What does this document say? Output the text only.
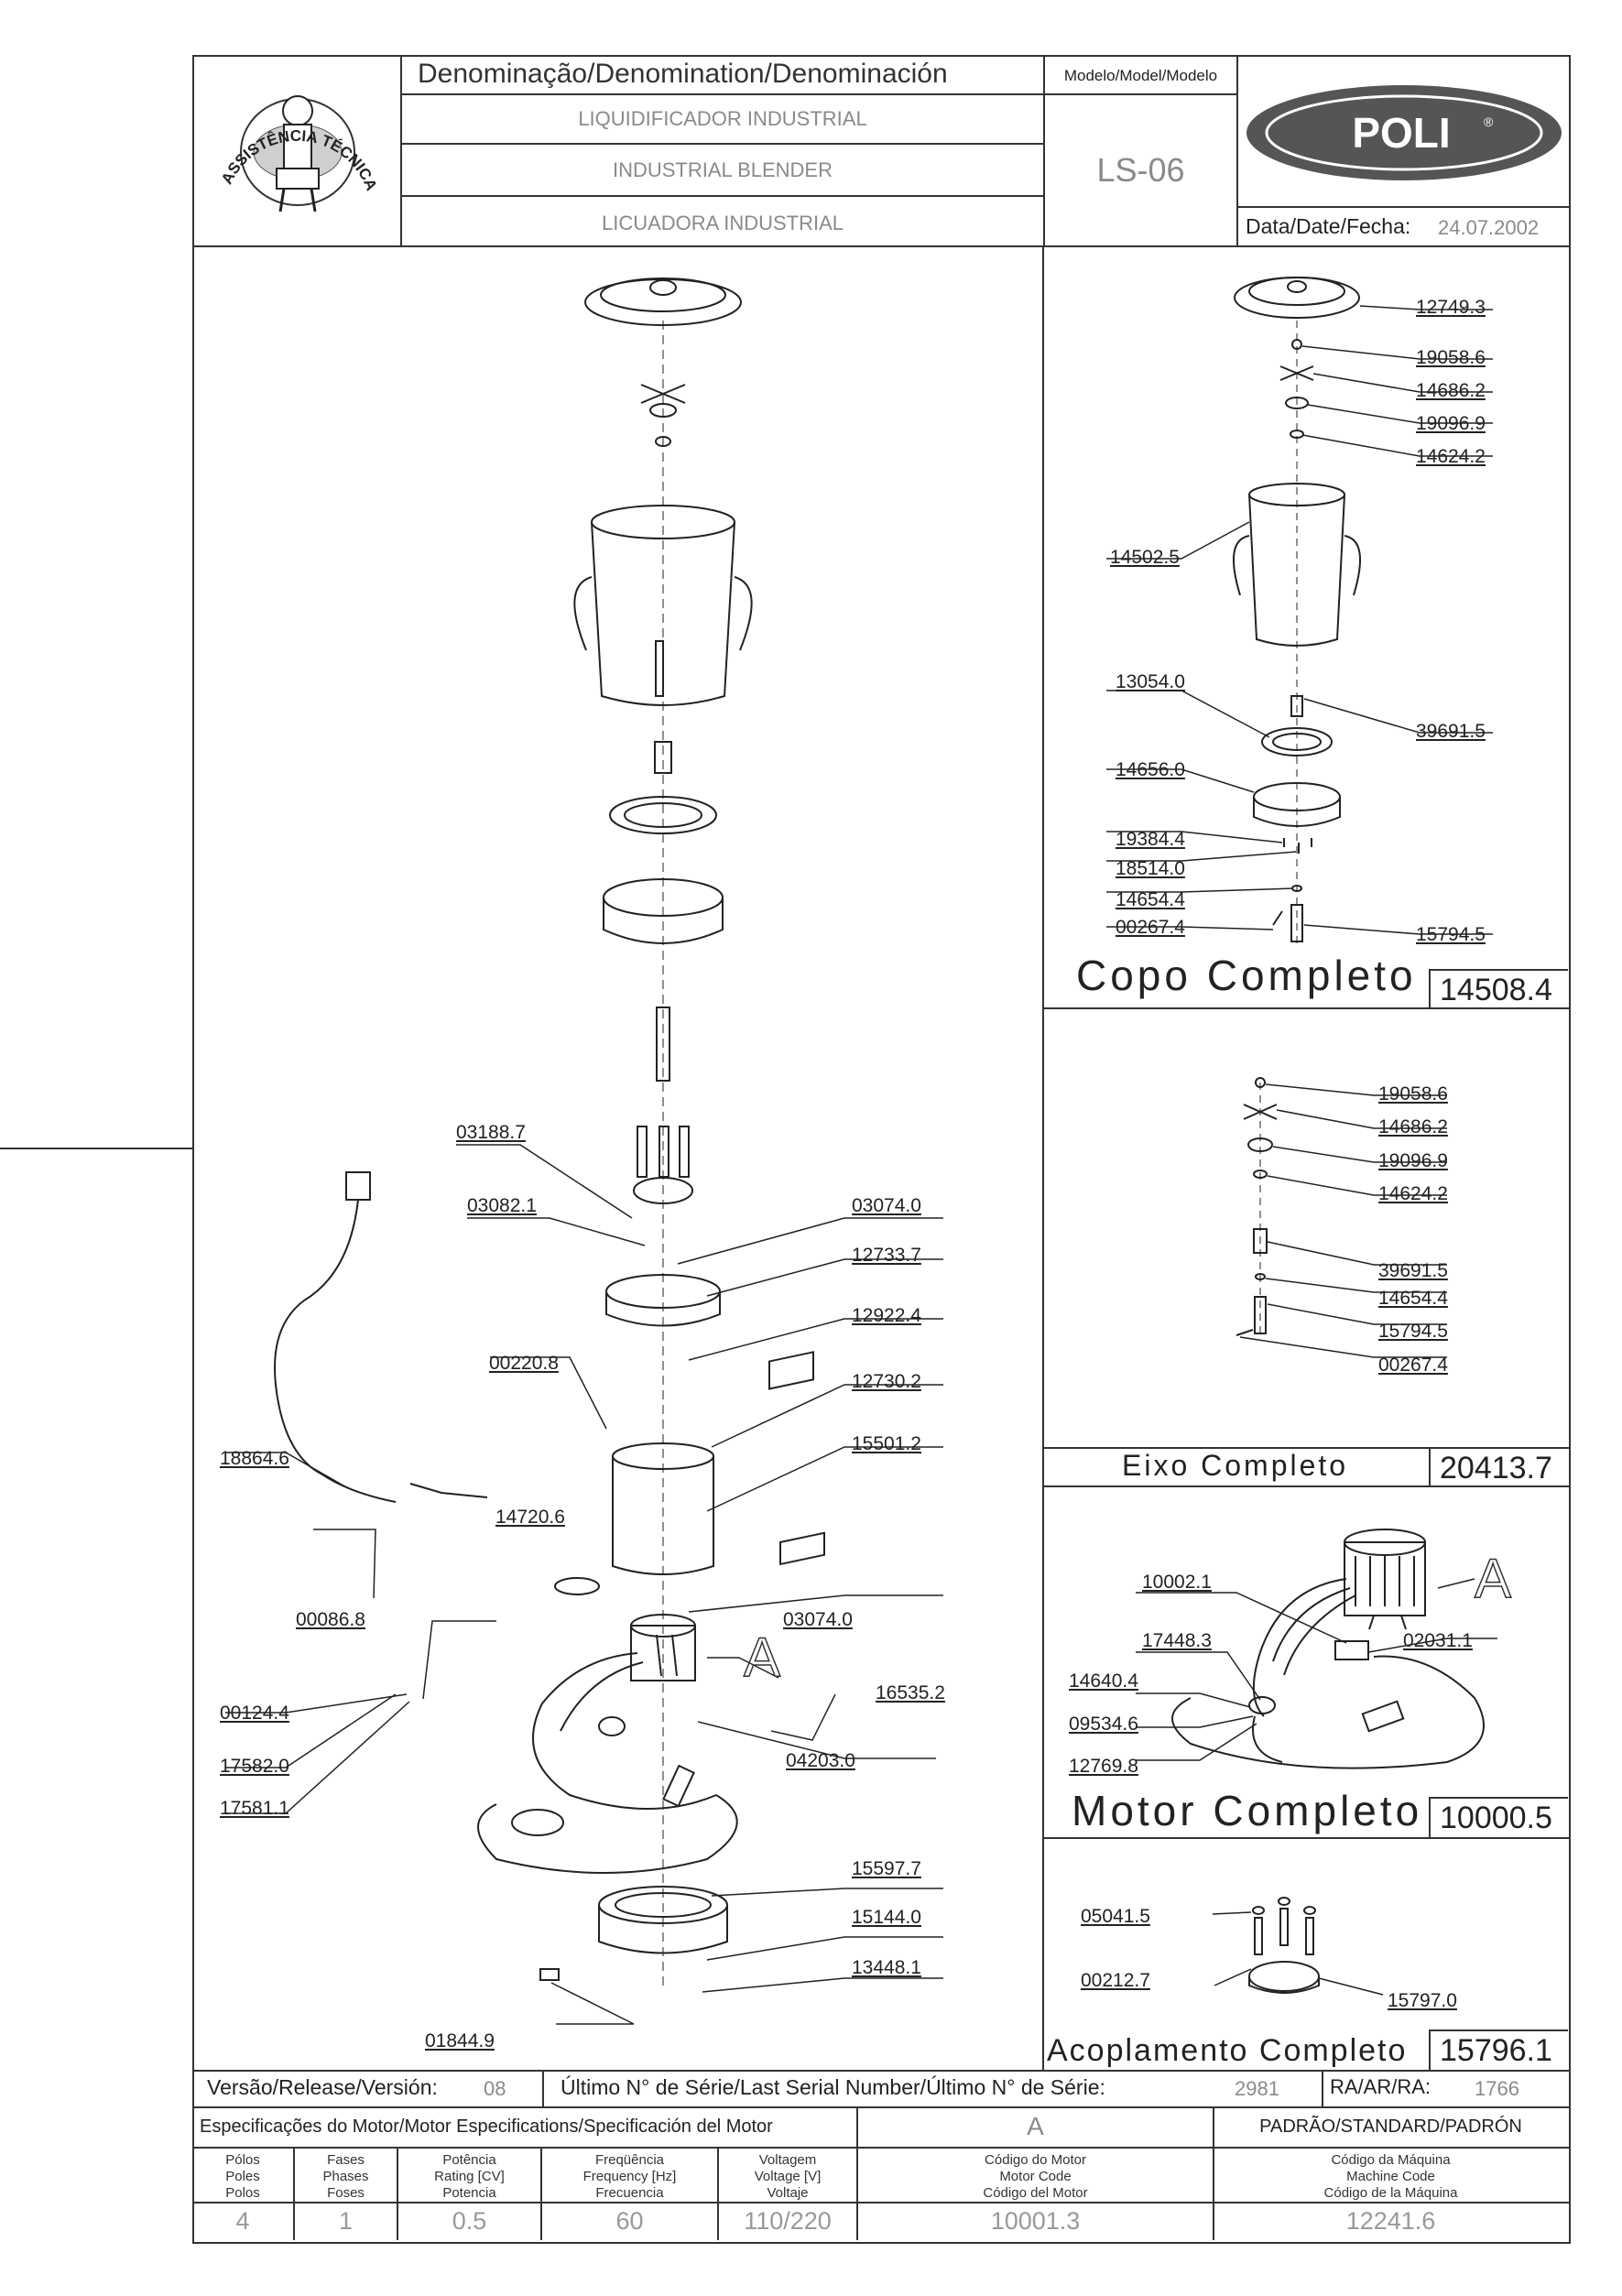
ASSISTÊNCIA TÉCNICA
Denominação/Denomination/Denominación
LIQUIDIFICADOR INDUSTRIAL
INDUSTRIAL BLENDER
LICUADORA INDUSTRIAL
Modelo/Model/Modelo
LS-06
POLI	®
Data/Date/Fecha: 24.07.2002
A
03188.7
03082.1	03074.0
12733.7
12922.4
00220.8
12730.2
18864.6
15501.2
14720.6
03074.0
00086.8
16535.2
00124.4
17582.0	04203.0
17581.1
15597.7
15144.0
13448.1
01844.9
12749.3
19058.6
14686.2
19096.9
14624.2
14502.5
13054.0
39691.5
14656.0
19384.4
18514.0
14654.4
00267.4	15794.5
Copo Completo 14508.4
19058.6
14686.2
19096.9
14624.2
39691.5
14654.4
15794.5
00267.4
Eixo Completo	20413.7
A
10002.1
17448.3	02031.1
14640.4
09534.6
12769.8
Motor Completo 10000.5
05041.5
00212.7
15797.0
Acoplamento Completo 15796.1
Versão/Release/Versión: 08	Último N° de Série/Last Serial Number/Último N° de Série:	2981	RA/AR/RA: 1766
Especificações do Motor/Motor Especifications/Specificación del Motor	A	PADRÃO/STANDARD/PADRÓN
Pólos
Poles
Polos
Fases
Phases
Foses
Potência
Rating [CV]
Potencia
Freqüência
Frequency [Hz]
Frecuencia
Voltagem
Voltage [V]
Voltaje
Código do Motor
Motor Code
Código del Motor
Código da Máquina
Machine Code
Código de la Máquina
4	1	0.5	60	110/220	10001.3	12241.6
